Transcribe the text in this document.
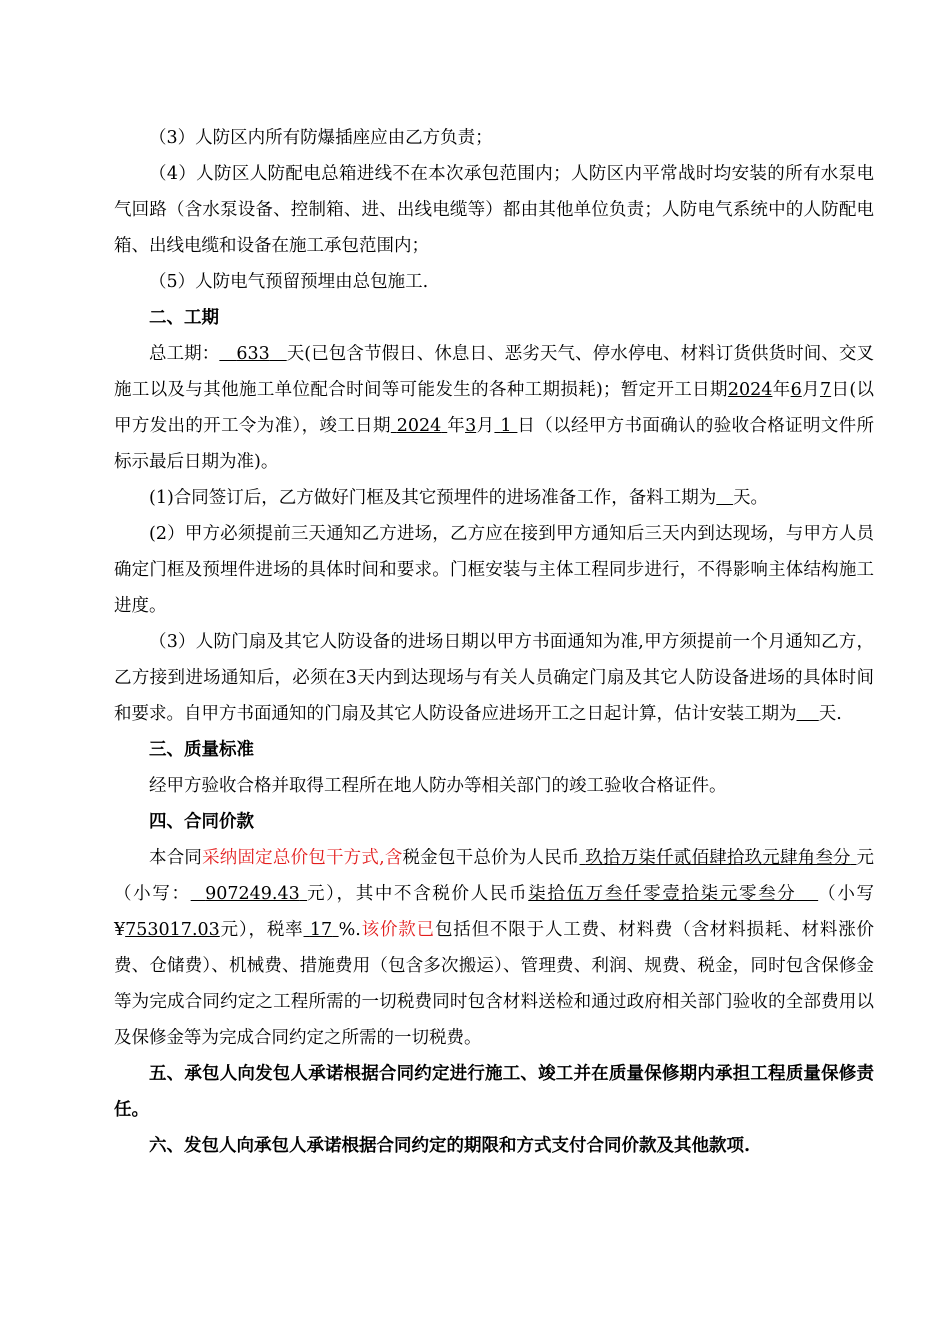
（3）人防区内所有防爆插座应由乙方负责；

（4）人防区人防配电总箱进线不在本次承包范围内；人防区内平常战时均安装的所有水泵电气回路（含水泵设备、控制箱、进、出线电缆等）都由其他单位负责；人防电气系统中的人防配电箱、出线电缆和设备在施工承包范围内；

（5）人防电气预留预埋由总包施工.

二、工期

总工期： 633 天(已包含节假日、休息日、恶劣天气、停水停电、材料订货供货时间、交叉施工以及与其他施工单位配合时间等可能发生的各种工期损耗)；暂定开工日期2024年6月7日(以甲方发出的开工令为准），竣工日期 2024 年3月 1 日（以经甲方书面确认的验收合格证明文件所标示最后日期为准)。

(1)合同签订后，乙方做好门框及其它预埋件的进场准备工作，备料工期为 天。

(2）甲方必须提前三天通知乙方进场，乙方应在接到甲方通知后三天内到达现场，与甲方人员确定门框及预埋件进场的具体时间和要求。门框安装与主体工程同步进行，不得影响主体结构施工进度。

（3）人防门扇及其它人防设备的进场日期以甲方书面通知为准,甲方须提前一个月通知乙方，乙方接到进场通知后，必须在3天内到达现场与有关人员确定门扇及其它人防设备进场的具体时间和要求。自甲方书面通知的门扇及其它人防设备应进场开工之日起计算，估计安装工期为 天.

三、质量标准

经甲方验收合格并取得工程所在地人防办等相关部门的竣工验收合格证件。

四、合同价款

本合同采纳固定总价包干方式,含税金包干总价为人民币 玖拾万柒仟贰佰肆拾玖元肆角叁分 元（小写： 907249.43 元），其中不含税价人民币柒拾伍万叁仟零壹拾柒元零叁分 （小写¥753017.03元），税率 17 %.该价款已包括但不限于人工费、材料费（含材料损耗、材料涨价费、仓储费）、机械费、措施费用（包含多次搬运）、管理费、利润、规费、税金，同时包含保修金等为完成合同约定之工程所需的一切税费同时包含材料送检和通过政府相关部门验收的全部费用以及保修金等为完成合同约定之所需的一切税费。

五、承包人向发包人承诺根据合同约定进行施工、竣工并在质量保修期内承担工程质量保修责任。

六、发包人向承包人承诺根据合同约定的期限和方式支付合同价款及其他款项.
